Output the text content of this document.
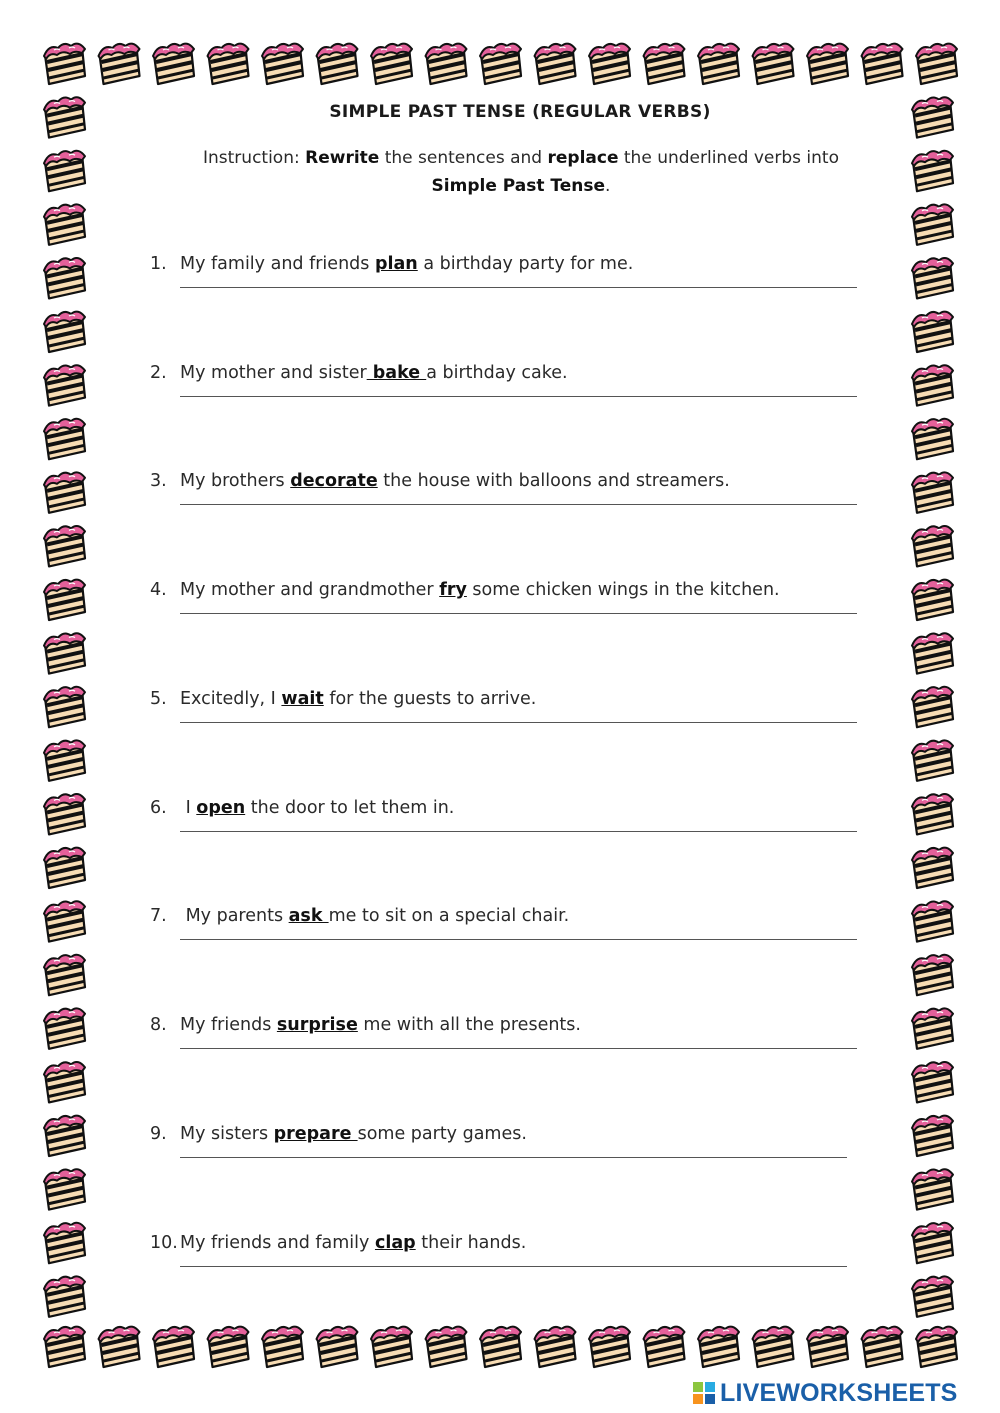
SIMPLE PAST TENSE (REGULAR VERBS)
Instruction: Rewrite the sentences and replace the underlined verbs into
Simple Past Tense.
1. My family and friends plan a birthday party for me.
2. My mother and sister bake a birthday cake.
3. My brothers decorate the house with balloons and streamers.
4. My mother and grandmother fry some chicken wings in the kitchen.
5. Excitedly, I wait for the guests to arrive.
6. I open the door to let them in.
7. My parents ask me to sit on a special chair.
8. My friends surprise me with all the presents.
9. My sisters prepare some party games.
10. My friends and family clap their hands.
LIVEWORKSHEETS
